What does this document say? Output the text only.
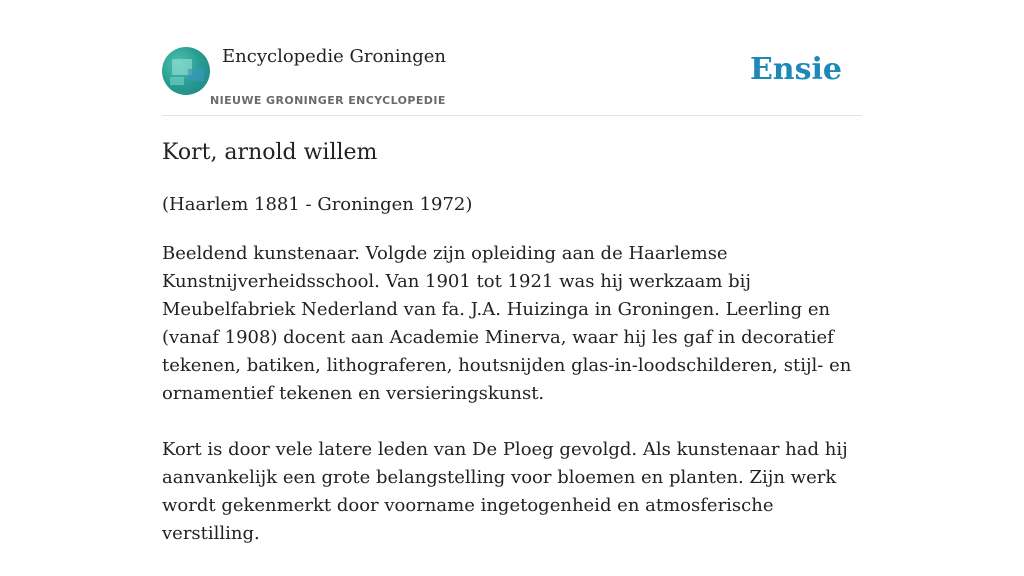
Encyclopedie Groningen
NIEUWE GRONINGER ENCYCLOPEDIE
Ensie
Kort, arnold willem

(Haarlem 1881 - Groningen 1972)

Beeldend kunstenaar. Volgde zijn opleiding aan de Haarlemse Kunstnijverheidsschool. Van 1901 tot 1921 was hij werkzaam bij Meubelfabriek Nederland van fa. J.A. Huizinga in Groningen. Leerling en (vanaf 1908) docent aan Academie Minerva, waar hij les gaf in decoratief tekenen, batiken, lithograferen, houtsnijden glas-in-loodschilderen, stijl- en ornamentief tekenen en versieringskunst.

Kort is door vele latere leden van De Ploeg gevolgd. Als kunstenaar had hij aanvankelijk een grote belangstelling voor bloemen en planten. Zijn werk wordt gekenmerkt door voorname ingetogenheid en atmosferische verstilling.
